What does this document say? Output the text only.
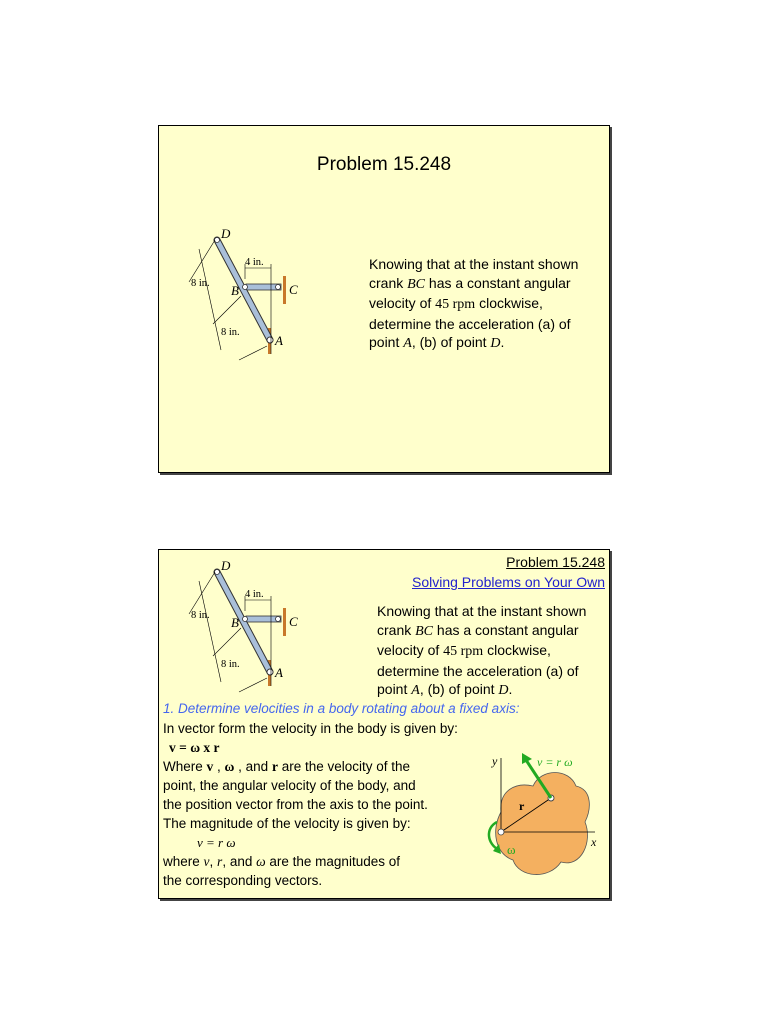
Problem 15.248
D
B	C
A
4 in.
8 in.
8 in.
Knowing that at the instant shown
crank BC has a constant angular
velocity of 45 rpm clockwise,
determine the acceleration (a) of
point A, (b) of point D.
Problem 15.248
Solving Problems on Your Own
D
B	C
A
4 in.
8 in.
8 in.
Knowing that at the instant shown
crank BC has a constant angular
velocity of 45 rpm clockwise,
determine the acceleration (a) of
point A, (b) of point D.
1. Determine velocities in a body rotating about a fixed axis:
In vector form the velocity in the body is given by:
v = ω x r
Where v , ω , and r are the velocity of the
point, the angular velocity of the body, and
the position vector from the axis to the point.
The magnitude of the velocity is given by:
v = r ω
where v, r, and ω are the magnitudes of
the corresponding vectors.
y
x
v = r ω
r
ω
